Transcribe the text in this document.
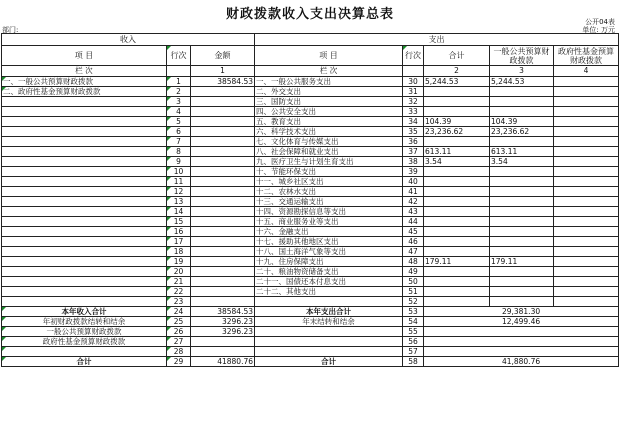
财政拨款收入支出决算总表	公开04表
部门:	单位: 万元
收入			支出				
项 目	行次	金额	项 目	行次	合计	一般公共预算财政拨款	政府性基金预算财政拨款
栏 次		1	栏 次		2	3	4
一、一般公共预算财政拨款	1	38584.53	一、一般公共服务支出	30	5,244.53	5,244.53	
二、政府性基金预算财政拨款	2		二、外交支出	31			
	3		三、国防支出	32			
	4		四、公共安全支出	33			
	5		五、教育支出	34	104.39	104.39	
	6		六、科学技术支出	35	23,236.62	23,236.62	
	7		七、文化体育与传媒支出	36			
	8		八、社会保障和就业支出	37	613.11	613.11	
	9		九、医疗卫生与计划生育支出	38	3.54	3.54	
	10		十、节能环保支出	39			
	11		十一、城乡社区支出	40			
	12		十二、农林水支出	41			
	13		十三、交通运输支出	42			
	14		十四、资源勘探信息等支出	43			
	15		十五、商业服务业等支出	44			
	16		十六、金融支出	45			
	17		十七、援助其他地区支出	46			
	18		十八、国土海洋气象等支出	47			
	19		十九、住房保障支出	48	179.11	179.11	
	20		二十、粮油物资储备支出	49			
	21		二十一、国债还本付息支出	50			
	22		二十二、其他支出	51			
	23			52			
本年收入合计	24	38584.53	本年支出合计	53	29,381.30		
年初财政拨款结转和结余	25	3296.23	年末结转和结余	54	12,499.46		
一般公共预算财政拨款	26	3296.23		55			
政府性基金预算财政拨款	27			56			
	28			57			
合计	29	41880.76	合计	58	41,880.76		
